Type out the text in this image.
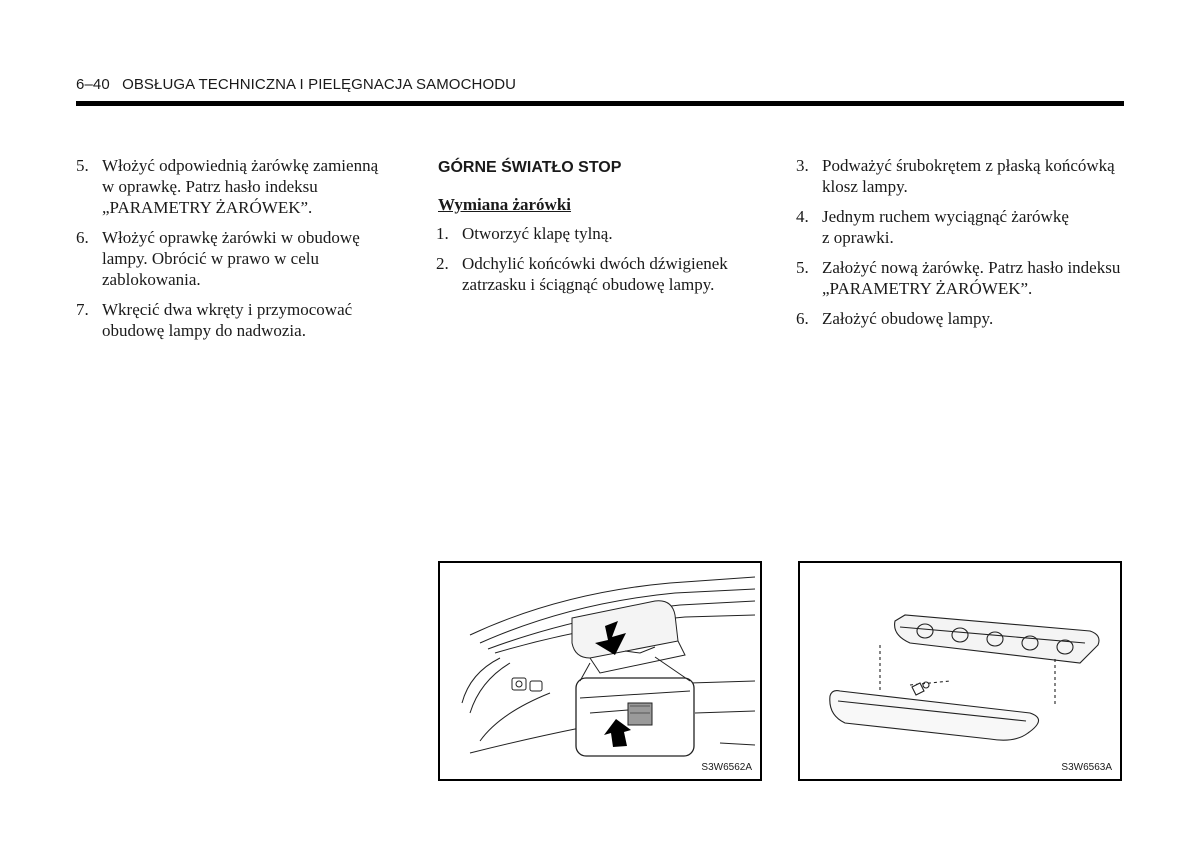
6–40 OBSŁUGA TECHNICZNA I PIELĘGNACJA SAMOCHODU
5. Włożyć odpowiednią żarówkę zamienną
w oprawkę. Patrz hasło indeksu
„PARAMETRY ŻARÓWEK”.
6. Włożyć oprawkę żarówki w obudowę
lampy. Obrócić w prawo w celu
zablokowania.
7. Wkręcić dwa wkręty i przymocować
obudowę lampy do nadwozia.
GÓRNE ŚWIATŁO STOP
Wymiana żarówki
1. Otworzyć klapę tylną.
2. Odchylić końcówki dwóch dźwigienek
zatrzasku i ściągnąć obudowę lampy.
3. Podważyć śrubokrętem z płaską końcówką
klosz lampy.
4. Jednym ruchem wyciągnąć żarówkę
z oprawki.
5. Założyć nową żarówkę. Patrz hasło indeksu
„PARAMETRY ŻARÓWEK”.
6. Założyć obudowę lampy.
S3W6562A	S3W6563A
